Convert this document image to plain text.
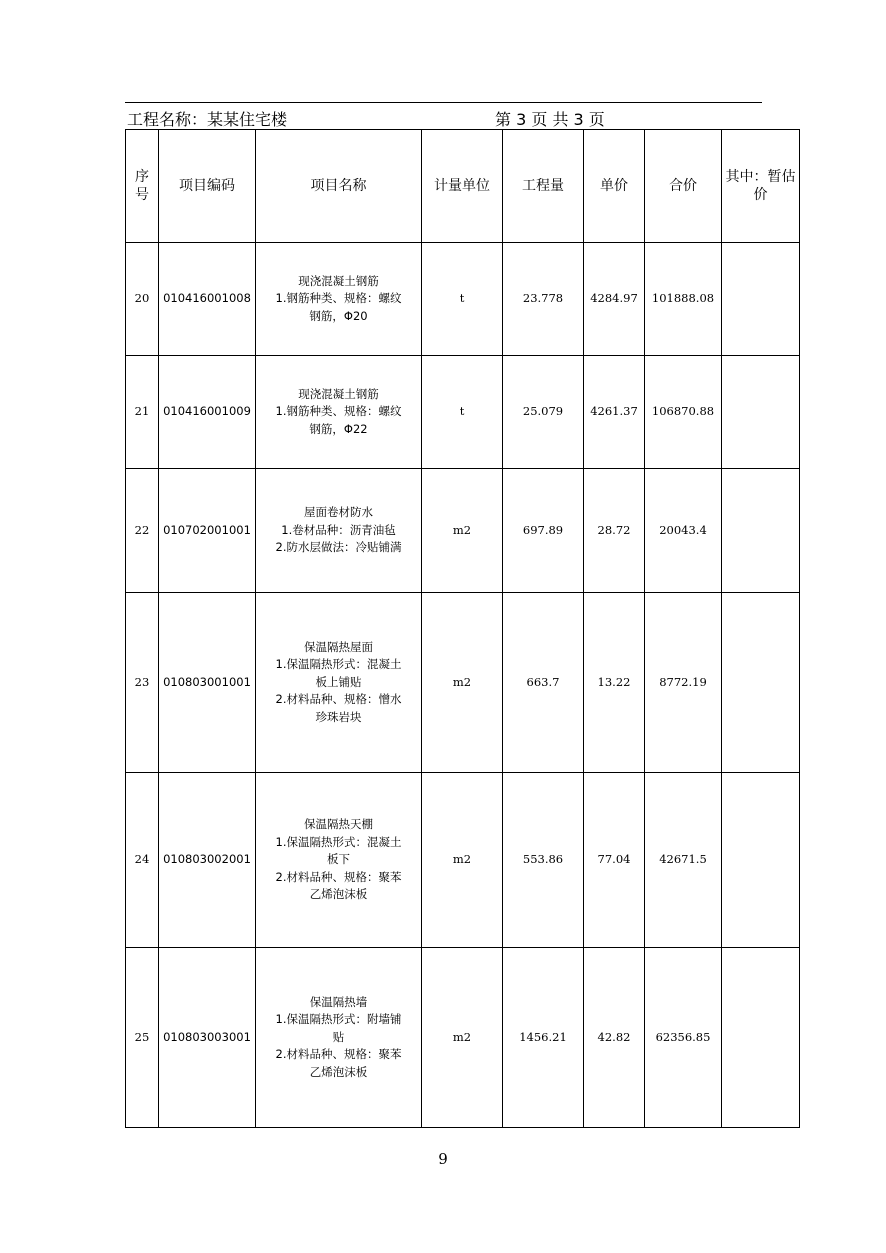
工程名称：某某住宅楼	第 3 页 共 3 页
序号	项目编码	项目名称	计量单位	工程量	单价	合价	其中：暂估价
20	010416001008	现浇混凝土钢筋
1.钢筋种类、规格：螺纹
钢筋，Φ20	t	23.778	4284.97	101888.08	
21	010416001009	现浇混凝土钢筋
1.钢筋种类、规格：螺纹
钢筋，Φ22	t	25.079	4261.37	106870.88	
22	010702001001	屋面卷材防水
1.卷材品种：沥青油毡
2.防水层做法：冷贴铺满	m2	697.89	28.72	20043.4	
23	010803001001	保温隔热屋面
1.保温隔热形式：混凝土
板上铺贴
2.材料品种、规格：憎水
珍珠岩块	m2	663.7	13.22	8772.19	
24	010803002001	保温隔热天棚
1.保温隔热形式：混凝土
板下
2.材料品种、规格：聚苯
乙烯泡沫板	m2	553.86	77.04	42671.5	
25	010803003001	保温隔热墙
1.保温隔热形式：附墙铺
贴
2.材料品种、规格：聚苯
乙烯泡沫板	m2	1456.21	42.82	62356.85	
9
